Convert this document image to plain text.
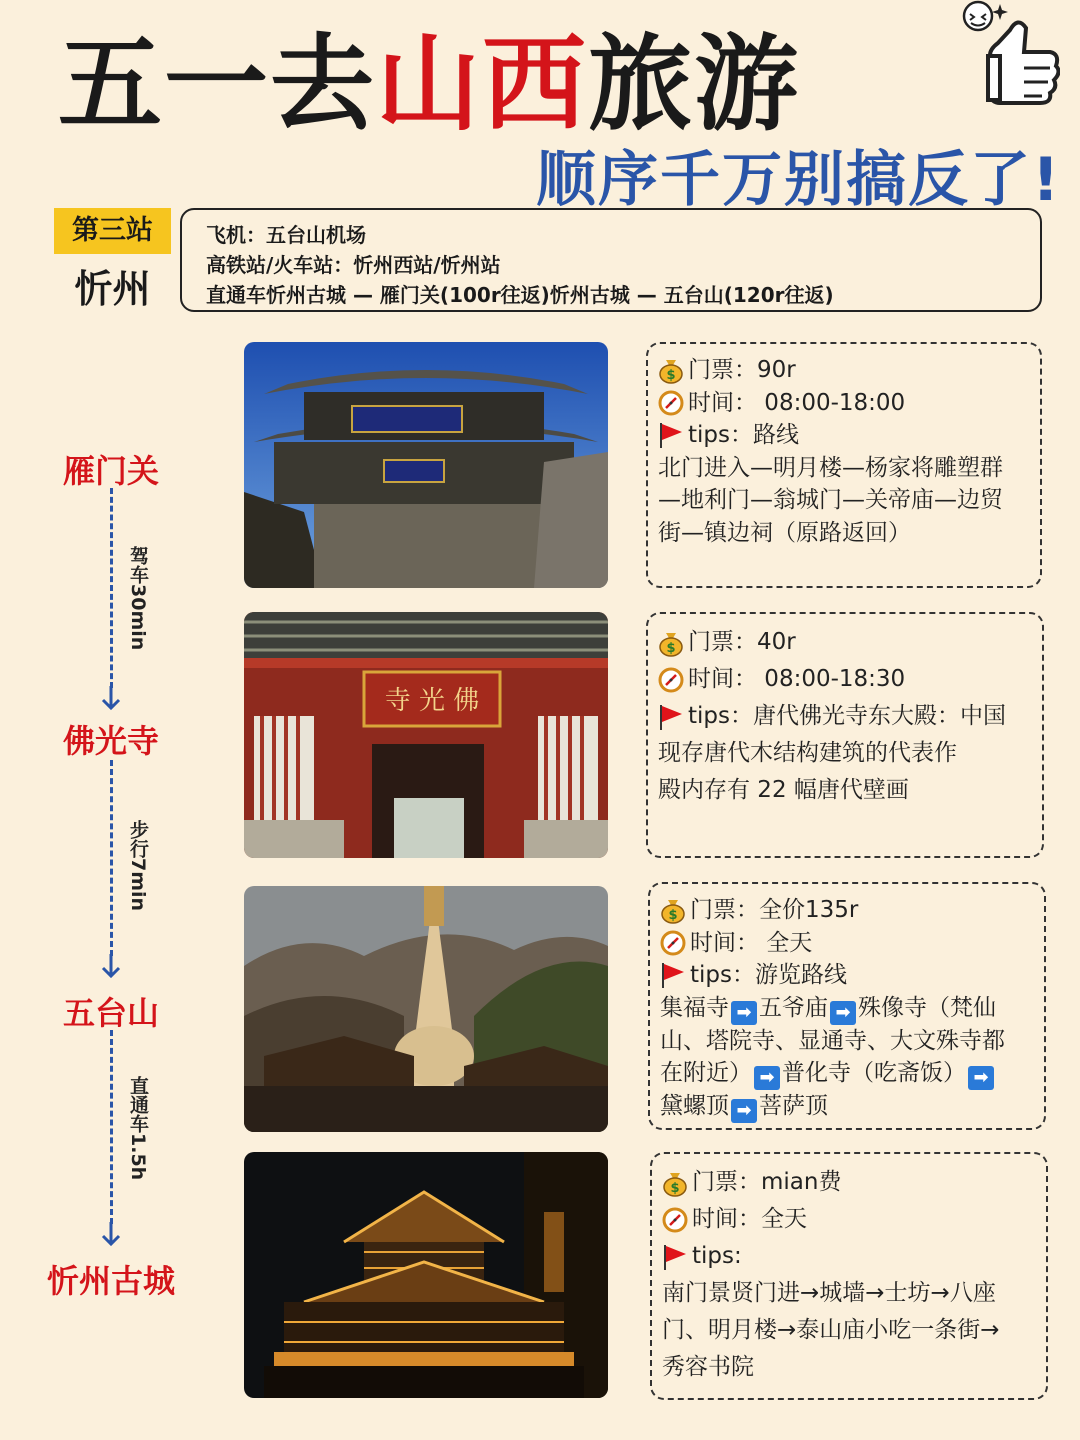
五一去山西旅游
顺序千万别搞反了!
第三站
忻州
飞机：五台山机场
高铁站/火车站：忻州西站/忻州站
直通车忻州古城 — 雁门关(100r往返)忻州古城 — 五台山(120r往返)
雁门关
驾车30min
佛光寺
步行7min
五台山
直通车1.5h
忻州古城
寺 光 佛
$ 门票：90r
时间： 08:00-18:00
tips：路线
北门进入—明月楼—杨家将雕塑群
—地利门—翁城门—关帝庙—边贸
街—镇边祠（原路返回）
$ 门票：40r
时间： 08:00-18:30
tips：唐代佛光寺东大殿：中国
现存唐代木结构建筑的代表作
殿内存有 22 幅唐代壁画
$ 门票：全价135r
时间： 全天
tips：游览路线
集福寺 ➡ 五爷庙 ➡ 殊像寺（梵仙
山、塔院寺、显通寺、大文殊寺都
在附近） ➡ 普化寺（吃斋饭） ➡
黛螺顶 ➡ 菩萨顶
$ 门票：mian费
时间：全天
tips:
南门景贤门进→城墙→士坊→八座
门、明月楼→泰山庙小吃一条街→
秀容书院
